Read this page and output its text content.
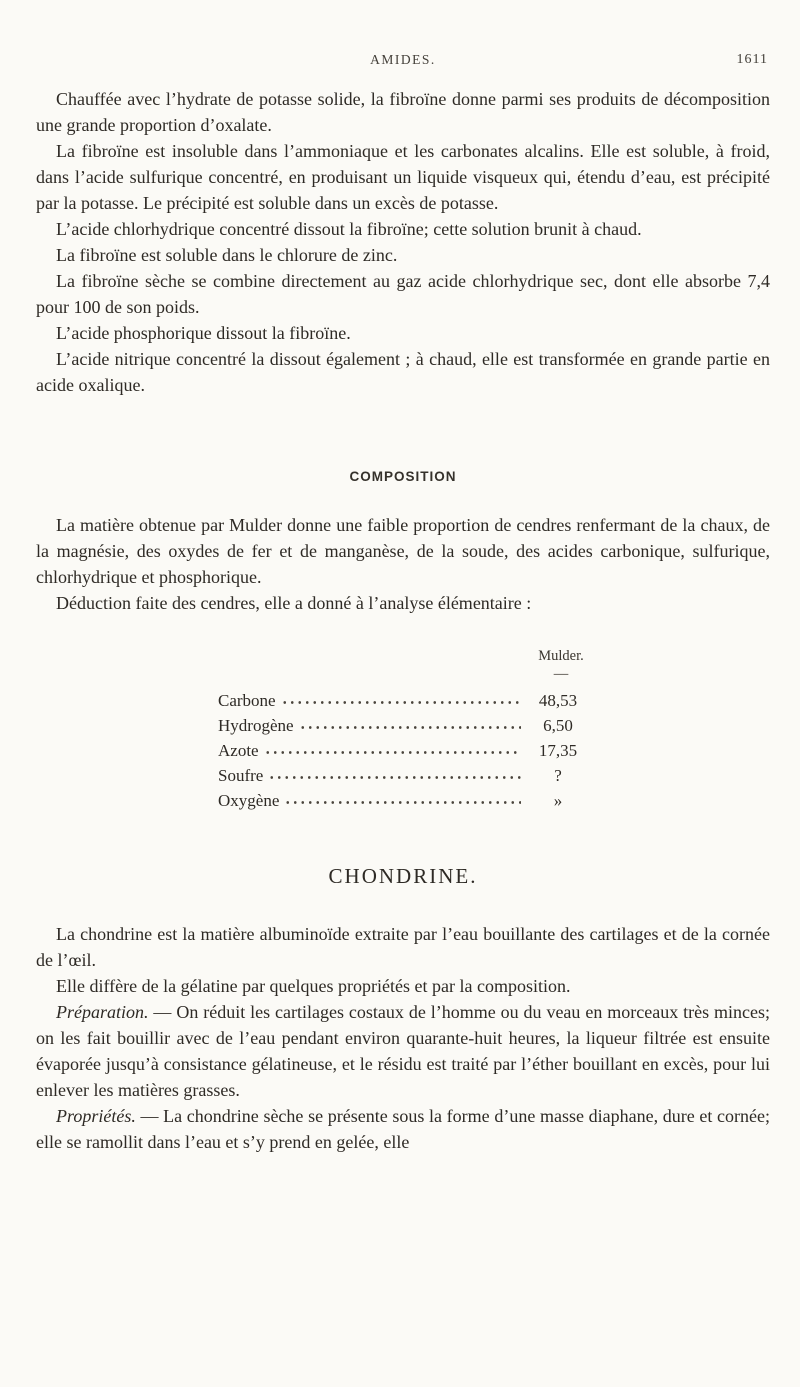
AMIDES.	1611

Chauffée avec l’hydrate de potasse solide, la fibroïne donne parmi ses produits de décomposition une grande proportion d’oxalate.

La fibroïne est insoluble dans l’ammoniaque et les carbonates alcalins. Elle est soluble, à froid, dans l’acide sulfurique concentré, en produisant un liquide visqueux qui, étendu d’eau, est précipité par la potasse. Le précipité est soluble dans un excès de potasse.

L’acide chlorhydrique concentré dissout la fibroïne; cette solution brunit à chaud.

La fibroïne est soluble dans le chlorure de zinc.

La fibroïne sèche se combine directement au gaz acide chlorhydrique sec, dont elle absorbe 7,4 pour 100 de son poids.

L’acide phosphorique dissout la fibroïne.

L’acide nitrique concentré la dissout également ; à chaud, elle est transformée en grande partie en acide oxalique.

COMPOSITION

La matière obtenue par Mulder donne une faible proportion de cendres renfermant de la chaux, de la magnésie, des oxydes de fer et de manganèse, de la soude, des acides carbonique, sulfurique, chlorhydrique et phosphorique.

Déduction faite des cendres, elle a donné à l’analyse élémentaire :

Mulder.
—
Carbone	48,53
Hydrogène	6,50
Azote	17,35
Soufre	?
Oxygène	»
CHONDRINE.

La chondrine est la matière albuminoïde extraite par l’eau bouillante des cartilages et de la cornée de l’œil.

Elle diffère de la gélatine par quelques propriétés et par la composition.

Préparation. — On réduit les cartilages costaux de l’homme ou du veau en morceaux très minces; on les fait bouillir avec de l’eau pendant environ quarante-huit heures, la liqueur filtrée est ensuite évaporée jusqu’à consistance gélatineuse, et le résidu est traité par l’éther bouillant en excès, pour lui enlever les matières grasses.

Propriétés. — La chondrine sèche se présente sous la forme d’une masse diaphane, dure et cornée; elle se ramollit dans l’eau et s’y prend en gelée, elle
